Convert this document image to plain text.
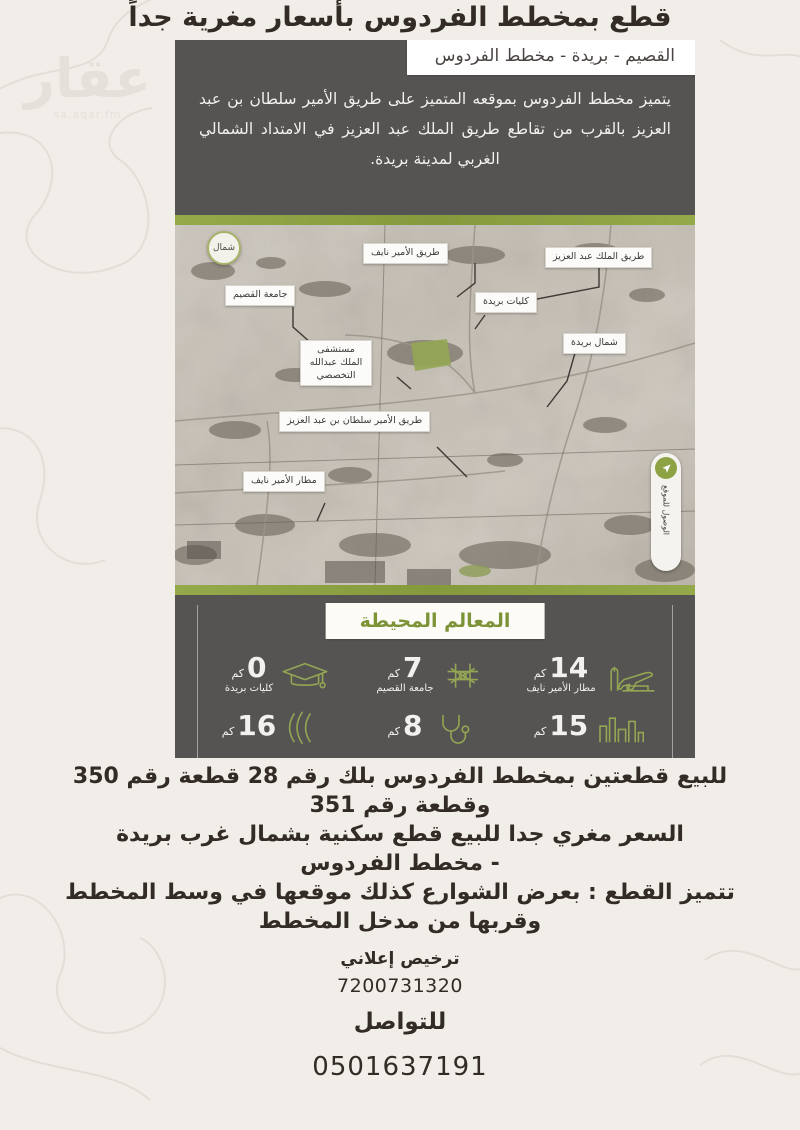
قطع بمخطط الفردوس بأسعار مغرية جداً
عقار
sa.aqar.fm
القصيم - بريدة - مخطط الفردوس
يتميز مخطط الفردوس بموقعه المتميز على طريق الأمير سلطان بن عبد العزيز بالقرب من تقاطع طريق الملك عبد العزيز في الامتداد الشمالي الغربي لمدينة بريدة.
شمال	طريق الأمير نايف	طريق الملك عبد العزيز
جامعة القصيم
كليات بريدة
شمال بريدة
مستشفى الملك عبدالله التخصصي
طريق الأمير سلطان بن عبد العزيز
مطار الأمير نايف
الوصول للموقع
المعالم المحيطة
14كم
مطار الأمير نايف
7كم
جامعة القصيم
0كم
كليات بريدة
15كم
8كم
16كم

للبيع قطعتين بمخطط الفردوس بلك رقم 28 قطعة رقم 350

وقطعة رقم 351

السعر مغري جدا للبيع قطع سكنية بشمال غرب بريدة

- مخطط الفردوس

تتميز القطع : بعرض الشوارع كذلك موقعها في وسط المخطط

وقربها من مدخل المخطط

ترخيص إعلاني

7200731320

للتواصل

0501637191
